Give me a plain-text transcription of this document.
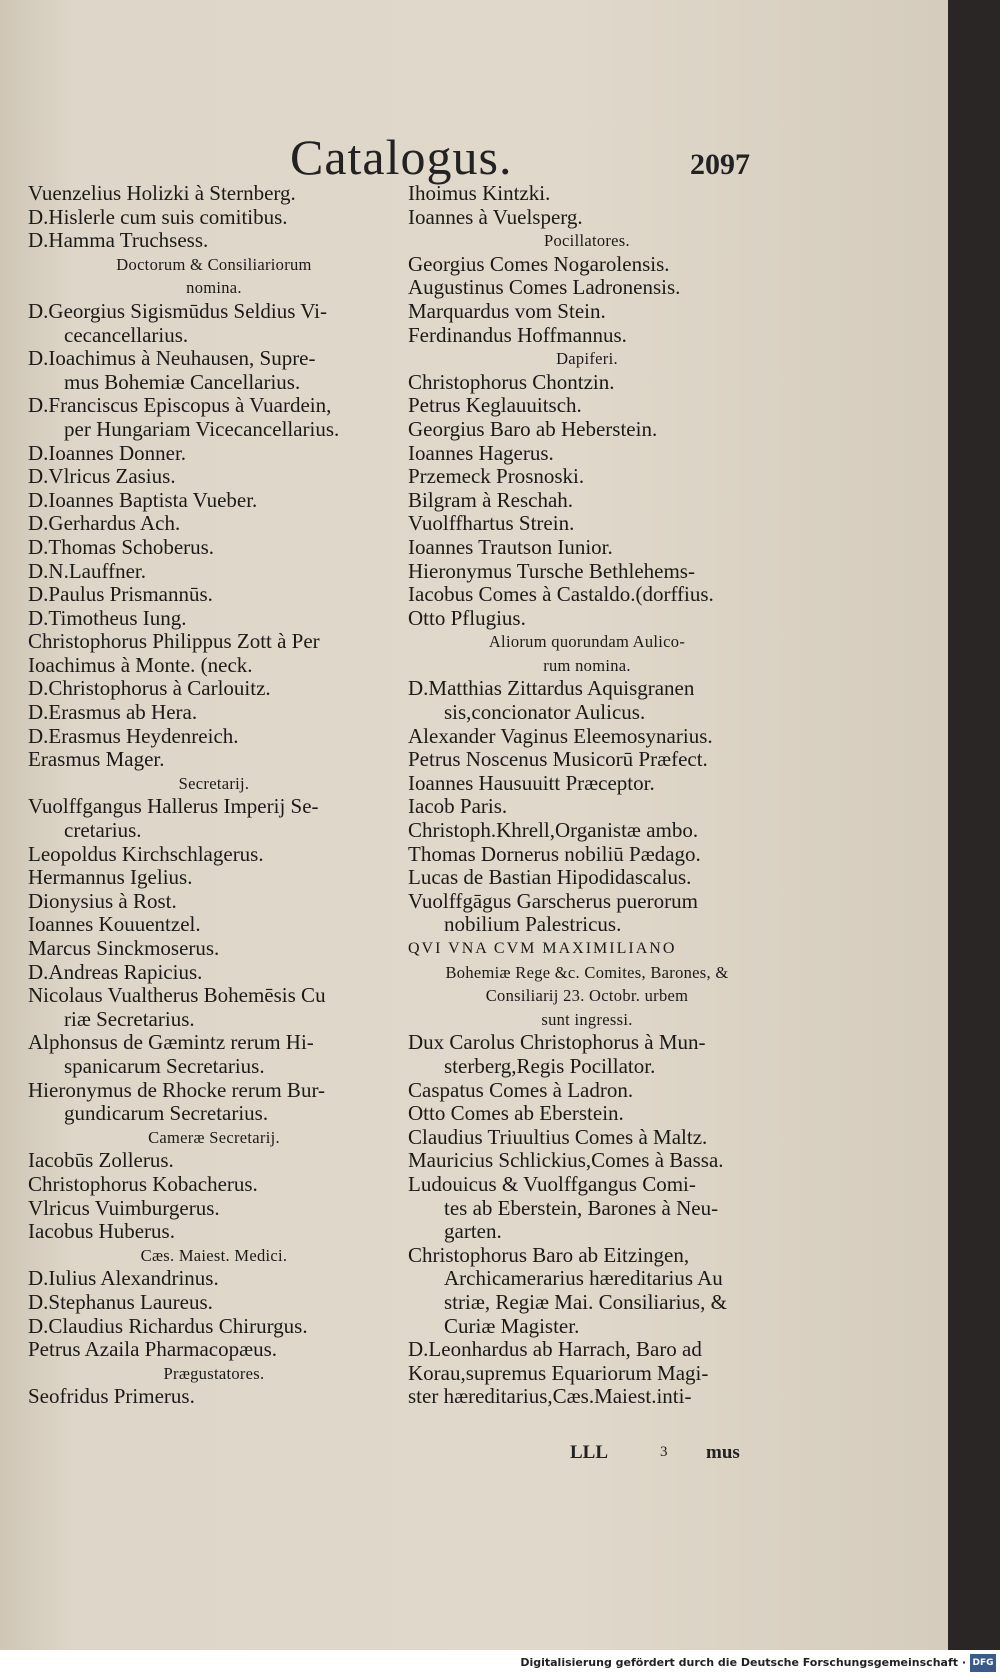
Catalogus.	2097
Vuenzelius Holizki à Sternberg.
D.Hislerle cum suis comitibus.
D.Hamma Truchsess.
Doctorum & Consiliariorum
nomina.
D.Georgius Sigismūdus Seldius Vi-
cecancellarius.
D.Ioachimus à Neuhausen, Supre-
mus Bohemiæ Cancellarius.
D.Franciscus Episcopus à Vuardein,
per Hungariam Vicecancellarius.
D.Ioannes Donner.
D.Vlricus Zasius.
D.Ioannes Baptista Vueber.
D.Gerhardus Ach.
D.Thomas Schoberus.
D.N.Lauffner.
D.Paulus Prismannūs.
D.Timotheus Iung.
Christophorus Philippus Zott à Per
Ioachimus à Monte. (neck.
D.Christophorus à Carlouitz.
D.Erasmus ab Hera.
D.Erasmus Heydenreich.
Erasmus Mager.
Secretarij.
Vuolffgangus Hallerus Imperij Se-
cretarius.
Leopoldus Kirchschlagerus.
Hermannus Igelius.
Dionysius à Rost.
Ioannes Kouuentzel.
Marcus Sinckmoserus.
D.Andreas Rapicius.
Nicolaus Vualtherus Bohemēsis Cu
riæ Secretarius.
Alphonsus de Gæmintz rerum Hi-
spanicarum Secretarius.
Hieronymus de Rhocke rerum Bur-
gundicarum Secretarius.
Cameræ Secretarij.
Iacobūs Zollerus.
Christophorus Kobacherus.
Vlricus Vuimburgerus.
Iacobus Huberus.
Cæs. Maiest. Medici.
D.Iulius Alexandrinus.
D.Stephanus Laureus.
D.Claudius Richardus Chirurgus.
Petrus Azaila Pharmacopæus.
Prægustatores.
Seofridus Primerus.
Ihoimus Kintzki.
Ioannes à Vuelsperg.
Pocillatores.
Georgius Comes Nogarolensis.
Augustinus Comes Ladronensis.
Marquardus vom Stein.
Ferdinandus Hoffmannus.
Dapiferi.
Christophorus Chontzin.
Petrus Keglauuitsch.
Georgius Baro ab Heberstein.
Ioannes Hagerus.
Przemeck Prosnoski.
Bilgram à Reschah.
Vuolffhartus Strein.
Ioannes Trautson Iunior.
Hieronymus Tursche Bethlehems-
Iacobus Comes à Castaldo.(dorffius.
Otto Pflugius.
Aliorum quorundam Aulico-
rum nomina.
D.Matthias Zittardus Aquisgranen
sis,concionator Aulicus.
Alexander Vaginus Eleemosynarius.
Petrus Noscenus Musicorū Præfect.
Ioannes Hausuuitt Præceptor.
Iacob Paris.
Christoph.Khrell,Organistæ ambo.
Thomas Dornerus nobiliū Pædago.
Lucas de Bastian Hipodidascalus.
Vuolffgāgus Garscherus puerorum
nobilium Palestricus.
QVI VNA CVM MAXIMILIANO
Bohemiæ Rege &c. Comites, Barones, &
Consiliarij 23. Octobr. urbem
sunt ingressi.
Dux Carolus Christophorus à Mun-
sterberg,Regis Pocillator.
Caspatus Comes à Ladron.
Otto Comes ab Eberstein.
Claudius Triuultius Comes à Maltz.
Mauricius Schlickius,Comes à Bassa.
Ludouicus & Vuolffgangus Comi-
tes ab Eberstein, Barones à Neu-
garten.
Christophorus Baro ab Eitzingen,
Archicamerarius hæreditarius Au
striæ, Regiæ Mai. Consiliarius, &
Curiæ Magister.
D.Leonhardus ab Harrach, Baro ad
Korau,supremus Equariorum Magi-
ster hæreditarius,Cæs.Maiest.inti-
LLL	3 mus
Digitalisierung gefördert durch die Deutsche Forschungsgemeinschaft · DFG
